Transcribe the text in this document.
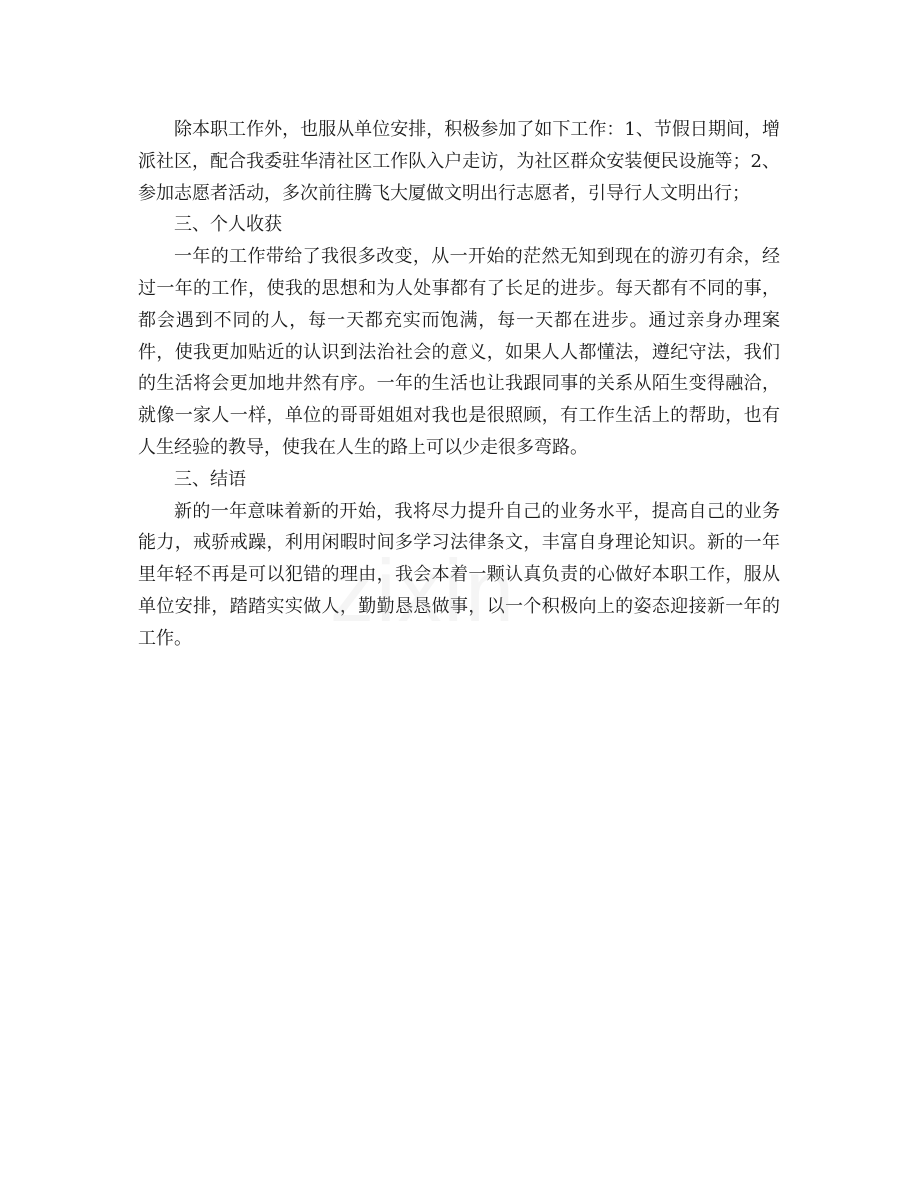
除本职工作外，也服从单位安排，积极参加了如下工作：1、节假日期间，增派社区，配合我委驻华清社区工作队入户走访，为社区群众安装便民设施等；2、参加志愿者活动，多次前往腾飞大厦做文明出行志愿者，引导行人文明出行；

三、个人收获

一年的工作带给了我很多改变，从一开始的茫然无知到现在的游刃有余，经过一年的工作，使我的思想和为人处事都有了长足的进步。每天都有不同的事，都会遇到不同的人，每一天都充实而饱满，每一天都在进步。通过亲身办理案件，使我更加贴近的认识到法治社会的意义，如果人人都懂法，遵纪守法，我们的生活将会更加地井然有序。一年的生活也让我跟同事的关系从陌生变得融洽，就像一家人一样，单位的哥哥姐姐对我也是很照顾，有工作生活上的帮助，也有人生经验的教导，使我在人生的路上可以少走很多弯路。

三、结语

新的一年意味着新的开始，我将尽力提升自己的业务水平，提高自己的业务能力，戒骄戒躁，利用闲暇时间多学习法律条文，丰富自身理论知识。新的一年里年轻不再是可以犯错的理由，我会本着一颗认真负责的心做好本职工作，服从单位安排，踏踏实实做人，勤勤恳恳做事，以一个积极向上的姿态迎接新一年的工作。	zixin
